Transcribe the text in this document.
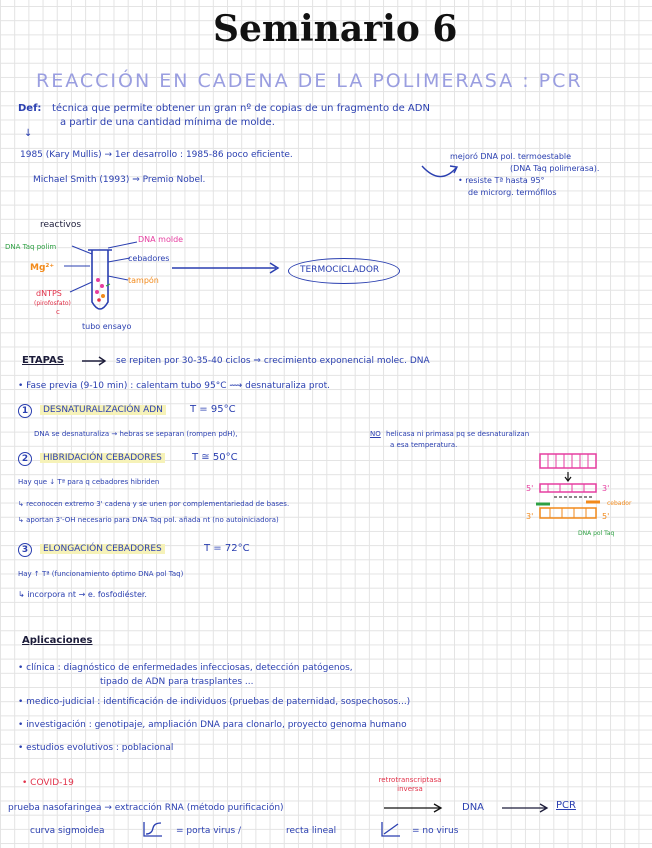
Seminario 6
REACCIÓN EN CADENA DE LA POLIMERASA : PCR
Def: técnica que permite obtener un gran nº de copias de un fragmento de ADN
a partir de una cantidad mínima de molde.
↓
1985 (Kary Mullis) → 1er desarrollo : 1985-86 poco eficiente.
Michael Smith (1993) ⇒ Premio Nobel.
mejoró DNA pol. termoestable
(DNA Taq polimerasa).
• resiste Tª hasta 95°
de microrg. termófilos
reactivos
DNA Taq polim
Mg²⁺
dNTPS
(pirofosfato)
c
DNA molde
cebadores
tampón
tubo ensayo
TERMOCICLADOR
ETAPAS	se repiten por 30-35-40 ciclos ⇒ crecimiento exponencial molec. DNA
• Fase previa (9-10 min) : calentam tubo 95°C ⟿ desnaturaliza prot.
1	DESNATURALIZACIÓN ADN	T = 95°C
DNA se desnaturaliza → hebras se separan (rompen pdH),	NO helicasa ni primasa pq se desnaturalizan
a esa temperatura.
2	HIBRIDACIÓN CEBADORES	T ≅ 50°C
Hay que ↓ Tª para q cebadores hibriden
↳ reconocen extremo 3' cadena y se unen por complementariedad de bases.
↳ aportan 3'-OH necesario para DNA Taq pol. añada nt (no autoiniciadora)
5'	3'
3'	5'
cebador
DNA pol Taq
3	ELONGACIÓN CEBADORES	T = 72°C
Hay ↑ Tª (funcionamiento óptimo DNA pol Taq)
↳ incorpora nt → e. fosfodiéster.
Aplicaciones
• clínica : diagnóstico de enfermedades infecciosas, detección patógenos,
tipado de ADN para trasplantes ...
• medico-judicial : identificación de individuos (pruebas de paternidad, sospechosos...)
• investigación : genotipaje, ampliación DNA para clonarlo, proyecto genoma humano
• estudios evolutivos : poblacional
• COVID-19	retrotranscriptasa inversa
prueba nasofaringea → extracción RNA (método purificación)	DNA	PCR
curva sigmoidea	= porta virus /	recta lineal	= no virus
